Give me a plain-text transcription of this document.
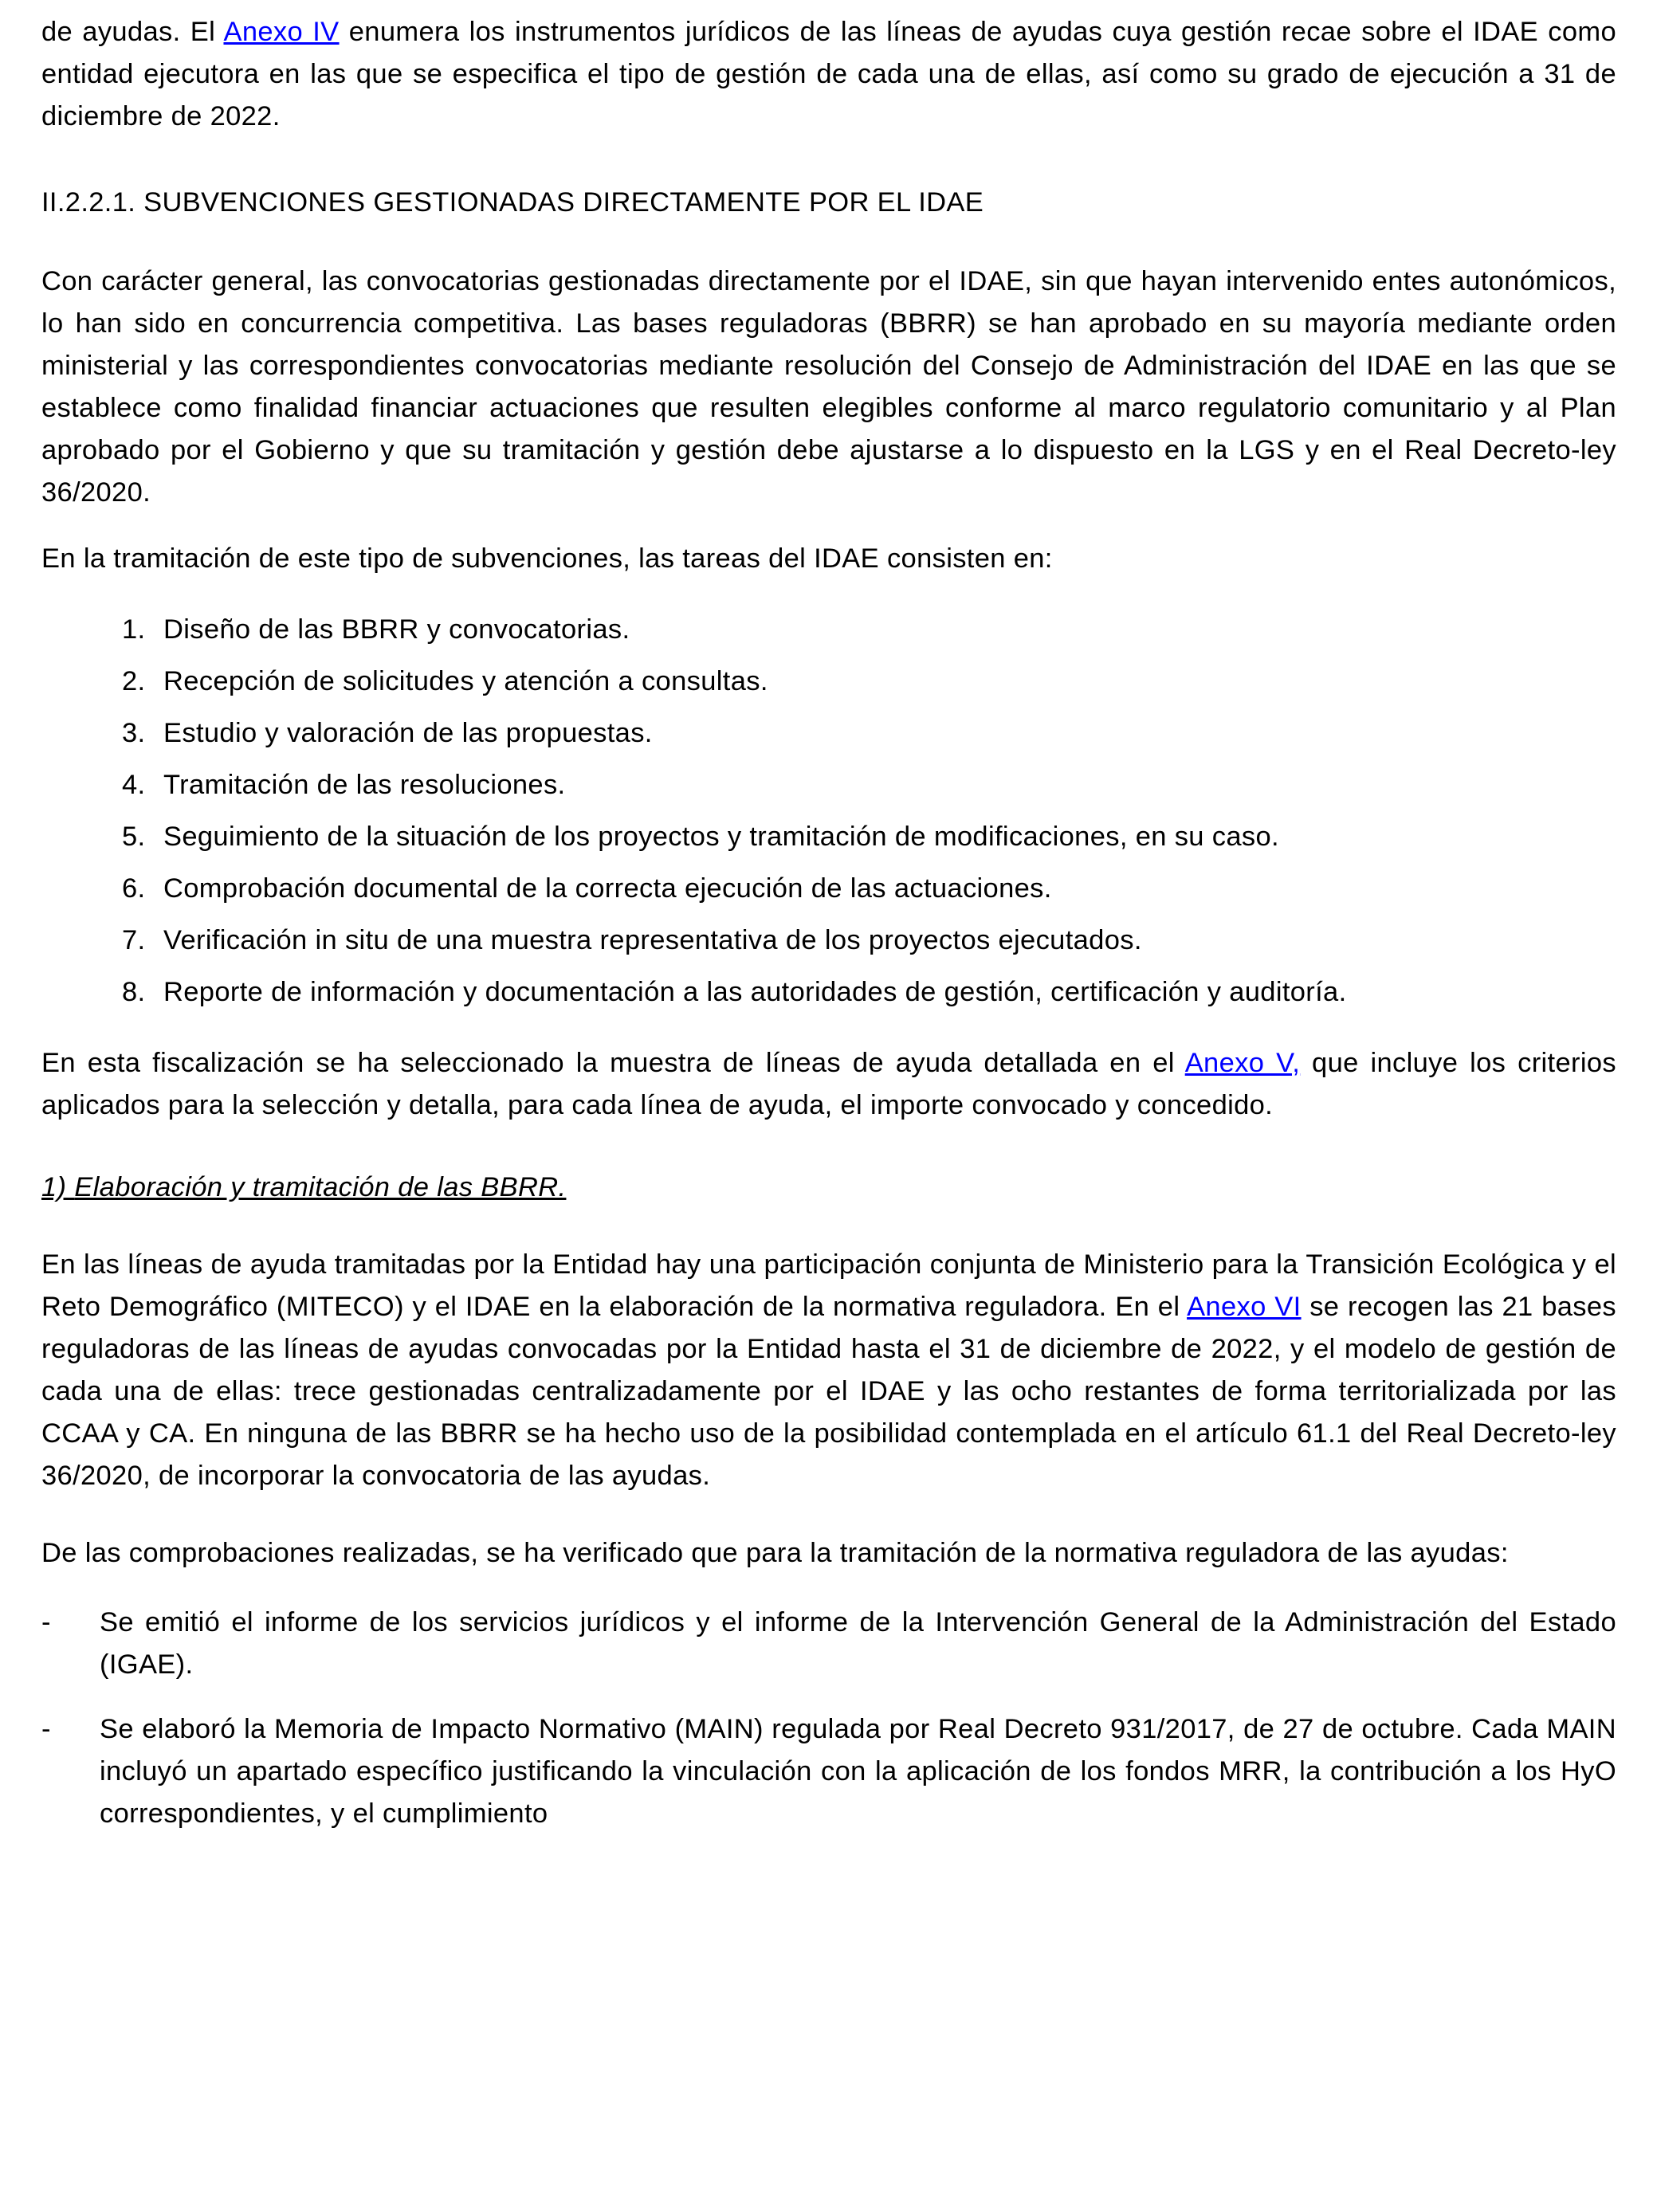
de ayudas. El Anexo IV enumera los instrumentos jurídicos de las líneas de ayudas cuya gestión recae sobre el IDAE como entidad ejecutora en las que se especifica el tipo de gestión de cada una de ellas, así como su grado de ejecución a 31 de diciembre de 2022.

II.2.2.1. SUBVENCIONES GESTIONADAS DIRECTAMENTE POR EL IDAE

Con carácter general, las convocatorias gestionadas directamente por el IDAE, sin que hayan intervenido entes autonómicos, lo han sido en concurrencia competitiva. Las bases reguladoras (BBRR) se han aprobado en su mayoría mediante orden ministerial y las correspondientes convocatorias mediante resolución del Consejo de Administración del IDAE en las que se establece como finalidad financiar actuaciones que resulten elegibles conforme al marco regulatorio comunitario y al Plan aprobado por el Gobierno y que su tramitación y gestión debe ajustarse a lo dispuesto en la LGS y en el Real Decreto-ley 36/2020.

En la tramitación de este tipo de subvenciones, las tareas del IDAE consisten en:

1. Diseño de las BBRR y convocatorias.
2. Recepción de solicitudes y atención a consultas.
3. Estudio y valoración de las propuestas.
4. Tramitación de las resoluciones.
5. Seguimiento de la situación de los proyectos y tramitación de modificaciones, en su caso.
6. Comprobación documental de la correcta ejecución de las actuaciones.
7. Verificación in situ de una muestra representativa de los proyectos ejecutados.
8. Reporte de información y documentación a las autoridades de gestión, certificación y auditoría.

En esta fiscalización se ha seleccionado la muestra de líneas de ayuda detallada en el Anexo V, que incluye los criterios aplicados para la selección y detalla, para cada línea de ayuda, el importe convocado y concedido.

1) Elaboración y tramitación de las BBRR.

En las líneas de ayuda tramitadas por la Entidad hay una participación conjunta de Ministerio para la Transición Ecológica y el Reto Demográfico (MITECO) y el IDAE en la elaboración de la normativa reguladora. En el Anexo VI se recogen las 21 bases reguladoras de las líneas de ayudas convocadas por la Entidad hasta el 31 de diciembre de 2022, y el modelo de gestión de cada una de ellas: trece gestionadas centralizadamente por el IDAE y las ocho restantes de forma territorializada por las CCAA y CA. En ninguna de las BBRR se ha hecho uso de la posibilidad contemplada en el artículo 61.1 del Real Decreto-ley 36/2020, de incorporar la convocatoria de las ayudas.

De las comprobaciones realizadas, se ha verificado que para la tramitación de la normativa reguladora de las ayudas:

- Se emitió el informe de los servicios jurídicos y el informe de la Intervención General de la Administración del Estado (IGAE).
- Se elaboró la Memoria de Impacto Normativo (MAIN) regulada por Real Decreto 931/2017, de 27 de octubre. Cada MAIN incluyó un apartado específico justificando la vinculación con la aplicación de los fondos MRR, la contribución a los HyO correspondientes, y el cumplimiento
